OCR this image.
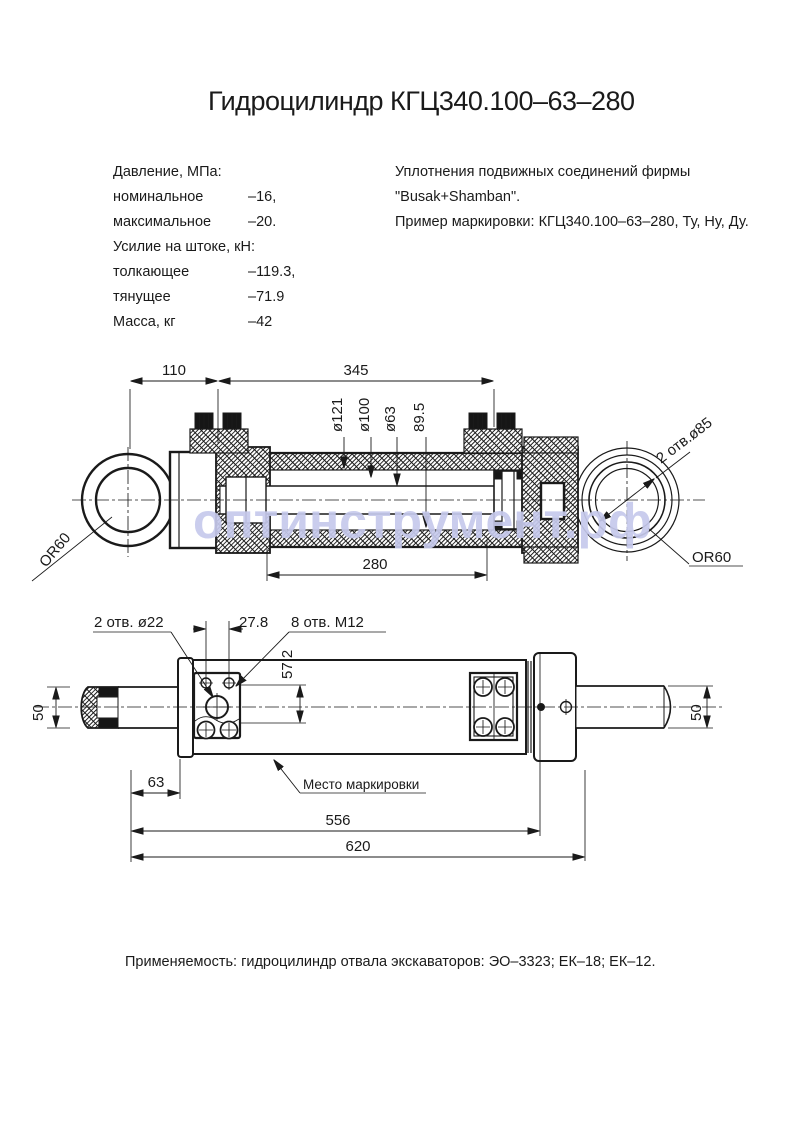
Гидроцилиндр КГЦ340.100–63–280
Давление, МПа:
номинальное	–16,
максимальное	–20.
Усилие на штоке, кН:
толкающее	–119.3,
тянущее	–71.9
Масса, кг	–42
Уплотнения подвижных соединений фирмы
"Busak+Shamban".
Пример маркировки: КГЦ340.100–63–280, Ту, Ну, Ду.
110	345
ø121 ø100 ø63 89.5	2 отв.ø85
OR60
OR60	280
50
2 отв. ø22	27.8 8 отв. М12
57.2
Место маркировки
63
556
620
50
оптинструмент.рф
Применяемость: гидроцилиндр отвала экскаваторов: ЭО–3323; ЕК–18; ЕК–12.
